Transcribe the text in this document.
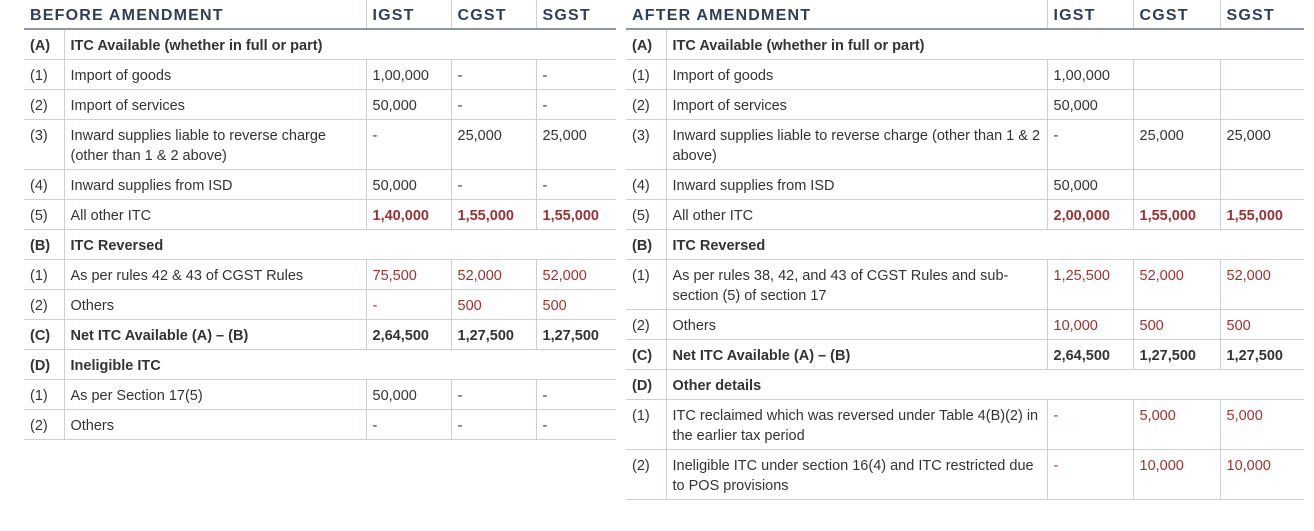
BEFORE AMENDMENT		IGST	CGST	SGST
(A)	ITC Available (whether in full or part)			
(1)	Import of goods	1,00,000	-	-
(2)	Import of services	50,000	-	-
(3)	Inward supplies liable to reverse charge (other than 1 & 2 above)	-	25,000	25,000
(4)	Inward supplies from ISD	50,000	-	-
(5)	All other ITC	1,40,000	1,55,000	1,55,000
(B)	ITC Reversed			
(1)	As per rules 42 & 43 of CGST Rules	75,500	52,000	52,000
(2)	Others	-	500	500
(C)	Net ITC Available (A) – (B)	2,64,500	1,27,500	1,27,500
(D)	Ineligible ITC			
(1)	As per Section 17(5)	50,000	-	-
(2)	Others	-	-	-
AFTER AMENDMENT		IGST	CGST	SGST
(A)	ITC Available (whether in full or part)			
(1)	Import of goods	1,00,000		
(2)	Import of services	50,000		
(3)	Inward supplies liable to reverse charge (other than 1 & 2 above)	-	25,000	25,000
(4)	Inward supplies from ISD	50,000		
(5)	All other ITC	2,00,000	1,55,000	1,55,000
(B)	ITC Reversed			
(1)	As per rules 38, 42, and 43 of CGST Rules and sub-section (5) of section 17	1,25,500	52,000	52,000
(2)	Others	10,000	500	500
(C)	Net ITC Available (A) – (B)	2,64,500	1,27,500	1,27,500
(D)	Other details			
(1)	ITC reclaimed which was reversed under Table 4(B)(2) in the earlier tax period	-	5,000	5,000
(2)	Ineligible ITC under section 16(4) and ITC restricted due to POS provisions	-	10,000	10,000
